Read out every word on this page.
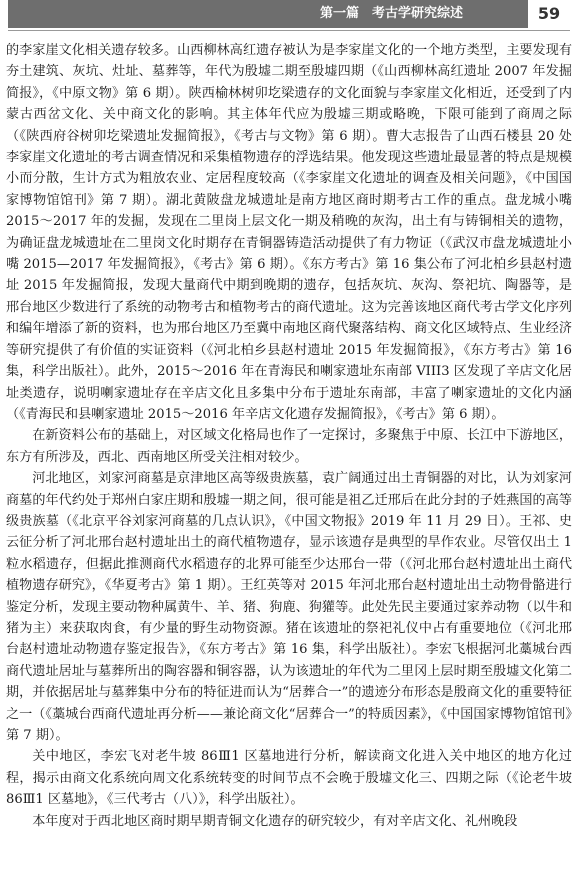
第一篇　考古学研究综述	59

的李家崖文化相关遗存较多。山西柳林高红遗存被认为是李家崖文化的一个地方类型，主要发现有夯土建筑、灰坑、灶址、墓葬等，年代为殷墟二期至殷墟四期（《山西柳林高红遗址 2007 年发掘简报》，《中原文物》第 6 期）。陕西榆林树卯圪梁遗存的文化面貌与李家崖文化相近，还受到了内蒙古西岔文化、关中商文化的影响。其主体年代应为殷墟三期或略晚，下限可能到了商周之际（《陕西府谷树卯圪梁遗址发掘简报》，《考古与文物》第 6 期）。曹大志报告了山西石楼县 20 处李家崖文化遗址的考古调查情况和采集植物遗存的浮选结果。他发现这些遗址最显著的特点是规模小而分散，生计方式为粗放农业、定居程度较高（《李家崖文化遗址的调查及相关问题》，《中国国家博物馆馆刊》第 7 期）。湖北黄陂盘龙城遗址是南方地区商时期考古工作的重点。盘龙城小嘴 2015～2017 年的发掘，发现在二里岗上层文化一期及稍晚的灰沟，出土有与铸铜相关的遗物，为确证盘龙城遗址在二里岗文化时期存在青铜器铸造活动提供了有力物证（《武汉市盘龙城遗址小嘴 2015—2017 年发掘简报》，《考古》第 6 期）。《东方考古》第 16 集公布了河北柏乡县赵村遗址 2015 年发掘简报，发现大量商代中期到晚期的遗存，包括灰坑、灰沟、祭祀坑、陶器等，是邢台地区少数进行了系统的动物考古和植物考古的商代遗址。这为完善该地区商代考古学文化序列和编年增添了新的资料，也为邢台地区乃至冀中南地区商代聚落结构、商文化区域特点、生业经济等研究提供了有价值的实证资料（《河北柏乡县赵村遗址 2015 年发掘简报》，《东方考古》第 16 集，科学出版社）。此外，2015～2016 年在青海民和喇家遗址东南部 VIII3 区发现了辛店文化居址类遗存，说明喇家遗址存在辛店文化且多集中分布于遗址东南部，丰富了喇家遗址的文化内涵（《青海民和县喇家遗址 2015～2016 年辛店文化遗存发掘简报》，《考古》第 6 期）。

在新资料公布的基础上，对区域文化格局也作了一定探讨，多聚焦于中原、长江中下游地区，东方有所涉及，西北、西南地区所受关注相对较少。

河北地区，刘家河商墓是京津地区高等级贵族墓，袁广阔通过出土青铜器的对比，认为刘家河商墓的年代约处于郑州白家庄期和殷墟一期之间，很可能是祖乙迁邢后在此分封的子姓燕国的高等级贵族墓（《北京平谷刘家河商墓的几点认识》，《中国文物报》2019 年 11 月 29 日）。王祁、史云征分析了河北邢台赵村遗址出土的商代植物遗存，显示该遗存是典型的旱作农业。尽管仅出土 1 粒水稻遗存，但据此推测商代水稻遗存的北界可能至少达邢台一带（《河北邢台赵村遗址出土商代植物遗存研究》，《华夏考古》第 1 期）。王红英等对 2015 年河北邢台赵村遗址出土动物骨骼进行鉴定分析，发现主要动物种属黄牛、羊、猪、狗鹿、狗獾等。此处先民主要通过家养动物（以牛和猪为主）来获取肉食，有少量的野生动物资源。猪在该遗址的祭祀礼仪中占有重要地位（《河北邢台赵村遗址动物遗存鉴定报告》，《东方考古》第 16 集，科学出版社）。李宏飞根据河北藁城台西商代遗址居址与墓葬所出的陶容器和铜容器，认为该遗址的年代为二里冈上层时期至殷墟文化第二期，并依据居址与墓葬集中分布的特征进而认为“居葬合一”的遗迹分布形态是殷商文化的重要特征之一（《藁城台西商代遗址再分析——兼论商文化“居葬合一”的特质因素》，《中国国家博物馆馆刊》第 7 期）。

关中地区，李宏飞对老牛坡 86Ⅲ1 区墓地进行分析，解读商文化进入关中地区的地方化过程，揭示由商文化系统向周文化系统转变的时间节点不会晚于殷墟文化三、四期之际（《论老牛坡 86Ⅲ1 区墓地》，《三代考古（八）》，科学出版社）。

本年度对于西北地区商时期早期青铜文化遗存的研究较少，有对辛店文化、礼州晚段
